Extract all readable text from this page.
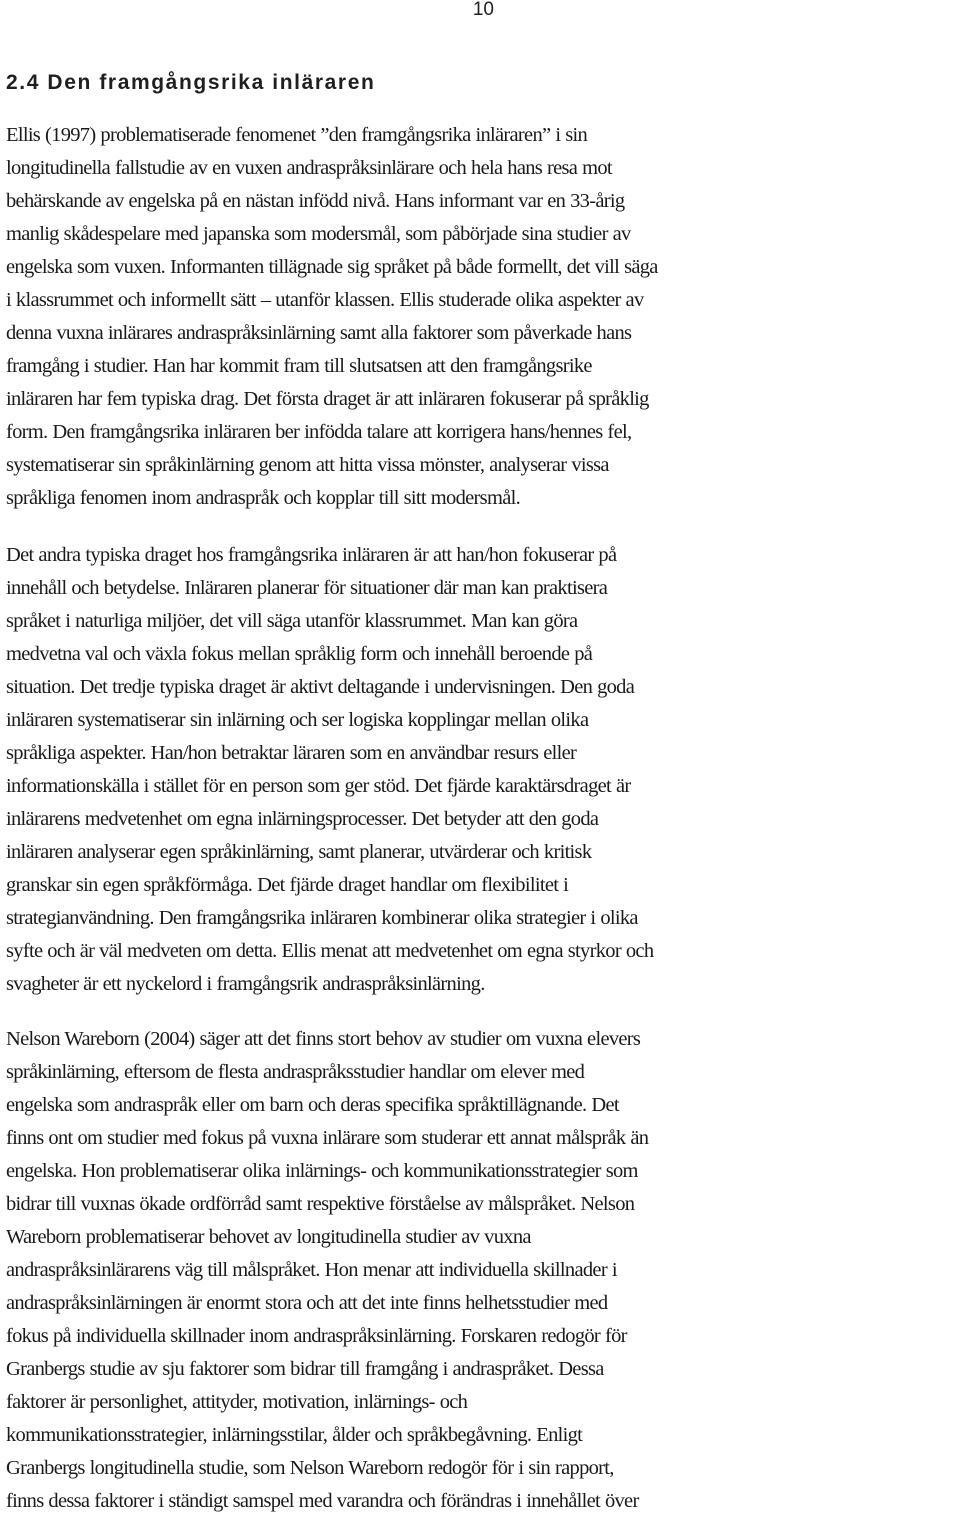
10
2.4 Den framgångsrika inläraren
Ellis (1997) problematiserade fenomenet ”den framgångsrika inläraren” i sin
longitudinella fallstudie av en vuxen andraspråksinlärare och hela hans resa mot
behärskande av engelska på en nästan infödd nivå. Hans informant var en 33-årig
manlig skådespelare med japanska som modersmål, som påbörjade sina studier av
engelska som vuxen. Informanten tillägnade sig språket på både formellt, det vill säga
i klassrummet och informellt sätt – utanför klassen. Ellis studerade olika aspekter av
denna vuxna inlärares andraspråksinlärning samt alla faktorer som påverkade hans
framgång i studier. Han har kommit fram till slutsatsen att den framgångsrike
inläraren har fem typiska drag. Det första draget är att inläraren fokuserar på språklig
form. Den framgångsrika inläraren ber infödda talare att korrigera hans/hennes fel,
systematiserar sin språkinlärning genom att hitta vissa mönster, analyserar vissa
språkliga fenomen inom andraspråk och kopplar till sitt modersmål.
Det andra typiska draget hos framgångsrika inläraren är att han/hon fokuserar på
innehåll och betydelse. Inläraren planerar för situationer där man kan praktisera
språket i naturliga miljöer, det vill säga utanför klassrummet. Man kan göra
medvetna val och växla fokus mellan språklig form och innehåll beroende på
situation. Det tredje typiska draget är aktivt deltagande i undervisningen. Den goda
inläraren systematiserar sin inlärning och ser logiska kopplingar mellan olika
språkliga aspekter. Han/hon betraktar läraren som en användbar resurs eller
informationskälla i stället för en person som ger stöd. Det fjärde karaktärsdraget är
inlärarens medvetenhet om egna inlärningsprocesser. Det betyder att den goda
inläraren analyserar egen språkinlärning, samt planerar, utvärderar och kritisk
granskar sin egen språkförmåga. Det fjärde draget handlar om flexibilitet i
strategianvändning. Den framgångsrika inläraren kombinerar olika strategier i olika
syfte och är väl medveten om detta. Ellis menat att medvetenhet om egna styrkor och
svagheter är ett nyckelord i framgångsrik andraspråksinlärning.
Nelson Wareborn (2004) säger att det finns stort behov av studier om vuxna elevers
språkinlärning, eftersom de flesta andraspråksstudier handlar om elever med
engelska som andraspråk eller om barn och deras specifika språktillägnande. Det
finns ont om studier med fokus på vuxna inlärare som studerar ett annat målspråk än
engelska. Hon problematiserar olika inlärnings- och kommunikationsstrategier som
bidrar till vuxnas ökade ordförråd samt respektive förståelse av målspråket. Nelson
Wareborn problematiserar behovet av longitudinella studier av vuxna
andraspråksinlärarens väg till målspråket. Hon menar att individuella skillnader i
andraspråksinlärningen är enormt stora och att det inte finns helhetsstudier med
fokus på individuella skillnader inom andraspråksinlärning. Forskaren redogör för
Granbergs studie av sju faktorer som bidrar till framgång i andraspråket. Dessa
faktorer är personlighet, attityder, motivation, inlärnings- och
kommunikationsstrategier, inlärningsstilar, ålder och språkbegåvning. Enligt
Granbergs longitudinella studie, som Nelson Wareborn redogör för i sin rapport,
finns dessa faktorer i ständigt samspel med varandra och förändras i innehållet över
